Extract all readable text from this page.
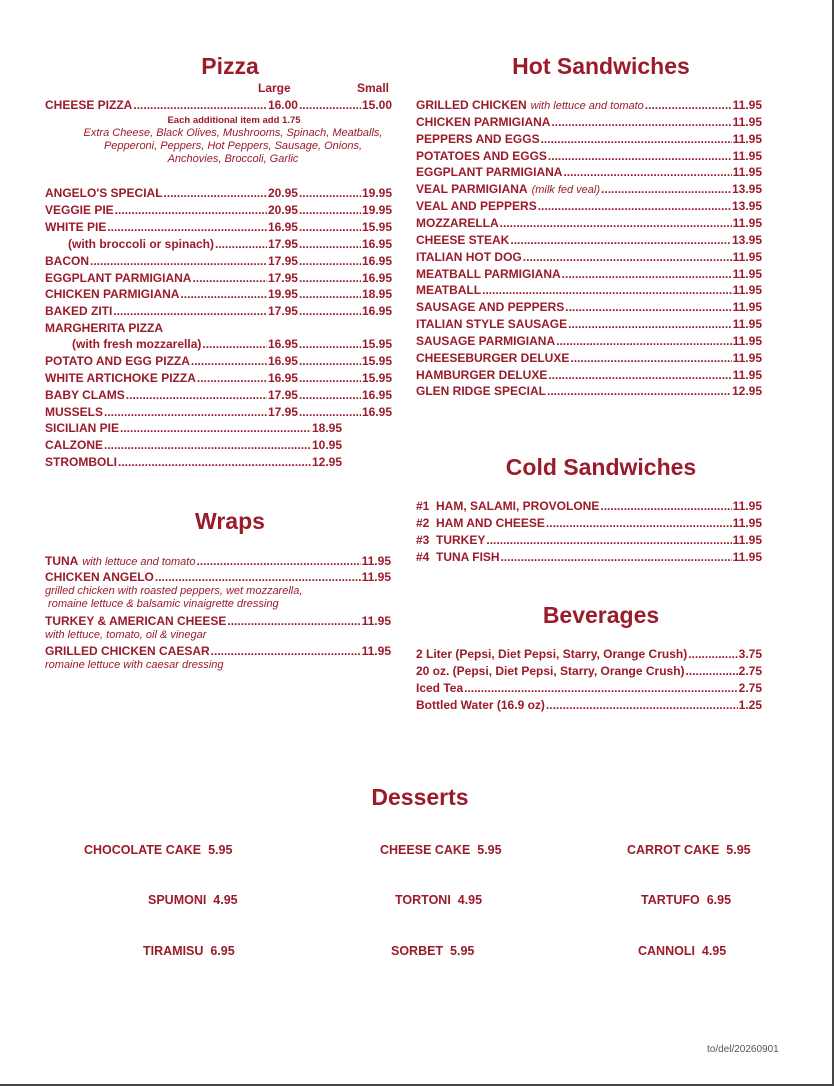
Pizza	Hot Sandwiches
Wraps
Cold Sandwiches
Beverages
Desserts
Large	Small
CHEESE PIZZA .....	16.00 .....	15.00
Each additional item add 1.75
Extra Cheese, Black Olives, Mushrooms, Spinach, Meatballs,
Pepperoni, Peppers, Hot Peppers, Sausage, Onions,
Anchovies, Broccoli, Garlic
ANGELO'S SPECIAL .....	20.95 .....	19.95
VEGGIE PIE .....	20.95 .....	19.95
WHITE PIE .....	16.95 .....	15.95
(with broccoli or spinach) .....	17.95 .....	16.95
BACON .....	17.95 .....	16.95
EGGPLANT PARMIGIANA .....	17.95 .....	16.95
CHICKEN PARMIGIANA .....	19.95 .....	18.95
BAKED ZITI .....	17.95 .....	16.95
MARGHERITA PIZZA
(with fresh mozzarella) .....	16.95 .....	15.95
POTATO AND EGG PIZZA .....	16.95 .....	15.95
WHITE ARTICHOKE PIZZA .....	16.95 .....	15.95
BABY CLAMS .....	17.95 .....	16.95
MUSSELS .....	17.95 .....	16.95
SICILIAN PIE .....	18.95
CALZONE .....	10.95
STROMBOLI .....	12.95
GRILLED CHICKEN with lettuce and tomato .....	11.95
CHICKEN PARMIGIANA .....	11.95
PEPPERS AND EGGS .....	11.95
POTATOES AND EGGS .....	11.95
EGGPLANT PARMIGIANA .....	11.95
VEAL PARMIGIANA (milk fed veal) .....	13.95
VEAL AND PEPPERS .....	13.95
MOZZARELLA .....	11.95
CHEESE STEAK .....	13.95
ITALIAN HOT DOG .....	11.95
MEATBALL PARMIGIANA .....	11.95
MEATBALL .....	11.95
SAUSAGE AND PEPPERS .....	11.95
ITALIAN STYLE SAUSAGE .....	11.95
SAUSAGE PARMIGIANA .....	11.95
CHEESEBURGER DELUXE .....	11.95
HAMBURGER DELUXE .....	11.95
GLEN RIDGE SPECIAL .....	12.95
TUNA with lettuce and tomato .....	11.95
CHICKEN ANGELO .....	11.95
grilled chicken with roasted peppers, wet mozzarella,
romaine lettuce & balsamic vinaigrette dressing
TURKEY & AMERICAN CHEESE .....	11.95
with lettuce, tomato, oil & vinegar
GRILLED CHICKEN CAESAR .....	11.95
romaine lettuce with caesar dressing
#1  HAM, SALAMI, PROVOLONE .....	11.95
#2  HAM AND CHEESE .....	11.95
#3  TURKEY .....	11.95
#4  TUNA FISH .....	11.95
2 Liter (Pepsi, Diet Pepsi, Starry, Orange Crush) .....	3.75
20 oz. (Pepsi, Diet Pepsi, Starry, Orange Crush) .....	2.75
Iced Tea .....	2.75
Bottled Water (16.9 oz) .....	1.25
CHOCOLATE CAKE  5.95	CHEESE CAKE  5.95	CARROT CAKE  5.95
SPUMONI  4.95	TORTONI  4.95	TARTUFO  6.95
TIRAMISU  6.95	SORBET  5.95	CANNOLI  4.95
to/del/20260901
